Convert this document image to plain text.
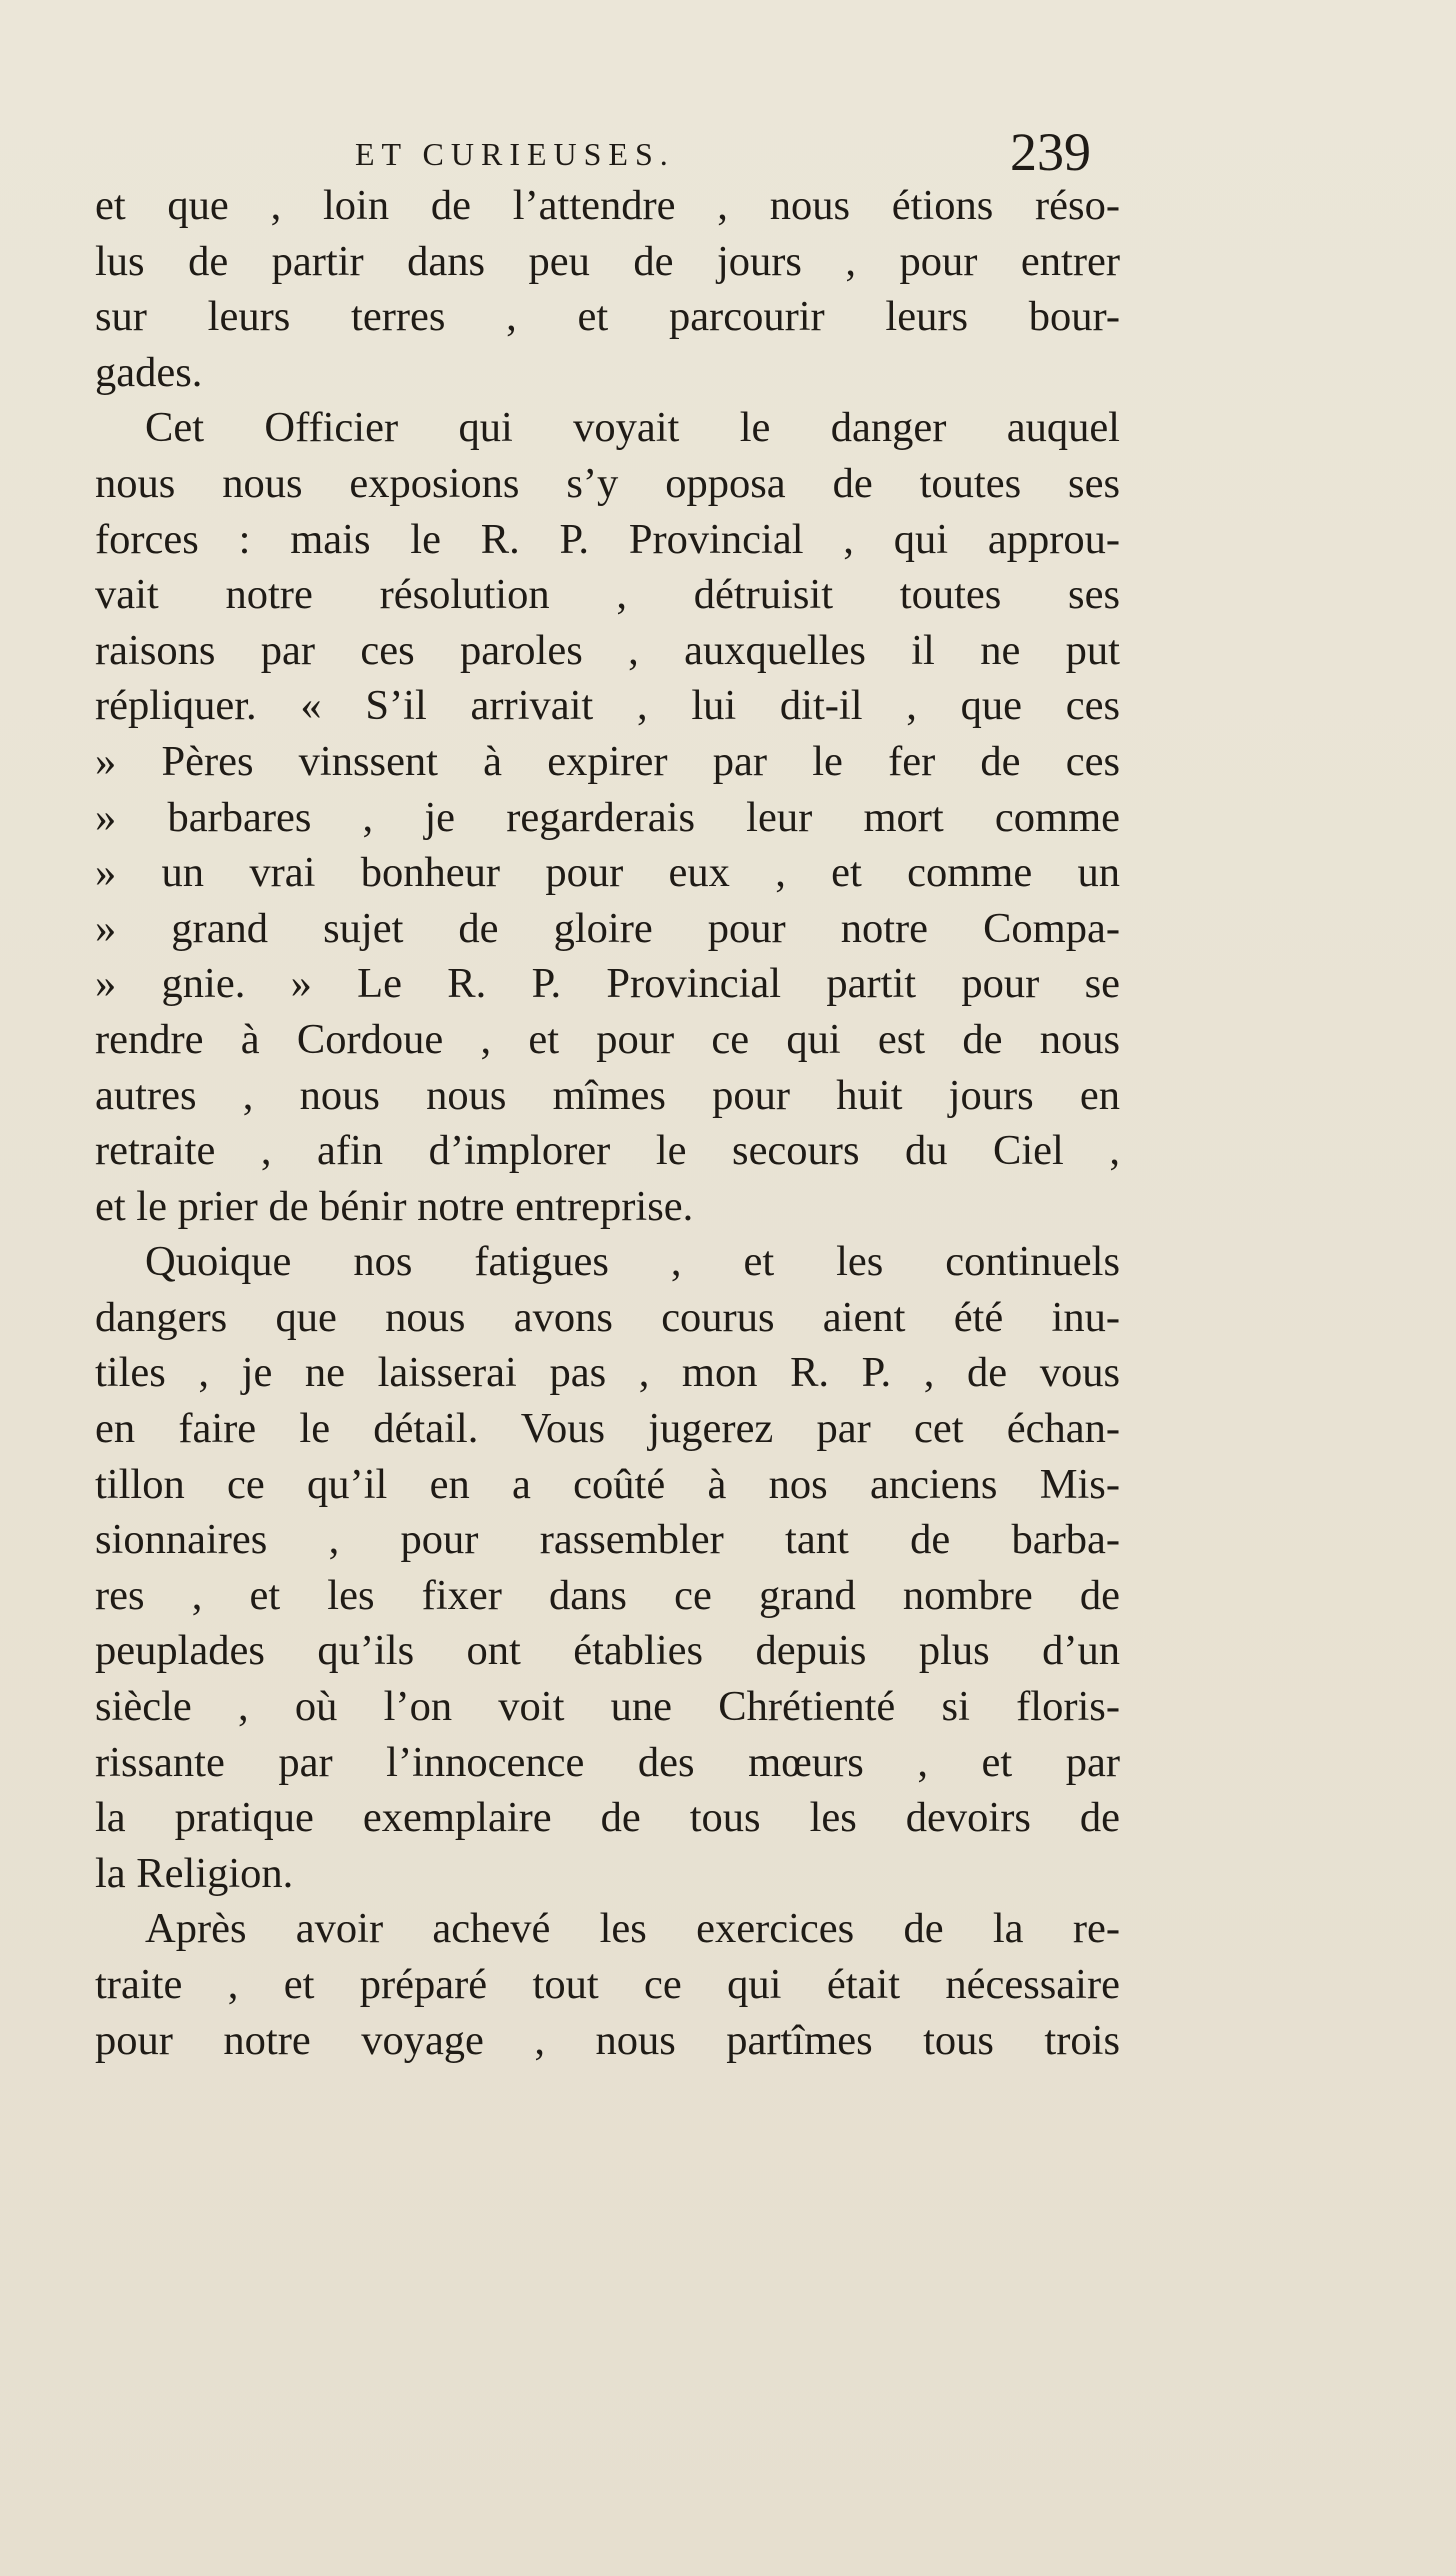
ET CURIEUSES.	239
et que , loin de l’attendre , nous étions réso-
lus de partir dans peu de jours , pour entrer
sur leurs terres , et parcourir leurs bour-
gades.
Cet Officier qui voyait le danger auquel
nous nous exposions s’y opposa de toutes ses
forces : mais le R. P. Provincial , qui approu-
vait notre résolution , détruisit toutes ses
raisons par ces paroles , auxquelles il ne put
répliquer. « S’il arrivait , lui dit-il , que ces
» Pères vinssent à expirer par le fer de ces
» barbares , je regarderais leur mort comme
» un vrai bonheur pour eux , et comme un
» grand sujet de gloire pour notre Compa-
» gnie. » Le R. P. Provincial partit pour se
rendre à Cordoue , et pour ce qui est de nous
autres , nous nous mîmes pour huit jours en
retraite , afin d’implorer le secours du Ciel ,
et le prier de bénir notre entreprise.
Quoique nos fatigues , et les continuels
dangers que nous avons courus aient été inu-
tiles , je ne laisserai pas , mon R. P. , de vous
en faire le détail. Vous jugerez par cet échan-
tillon ce qu’il en a coûté à nos anciens Mis-
sionnaires , pour rassembler tant de barba-
res , et les fixer dans ce grand nombre de
peuplades qu’ils ont établies depuis plus d’un
siècle , où l’on voit une Chrétienté si floris-
rissante par l’innocence des mœurs , et par
la pratique exemplaire de tous les devoirs de
la Religion.
Après avoir achevé les exercices de la re-
traite , et préparé tout ce qui était nécessaire
pour notre voyage , nous partîmes tous trois
